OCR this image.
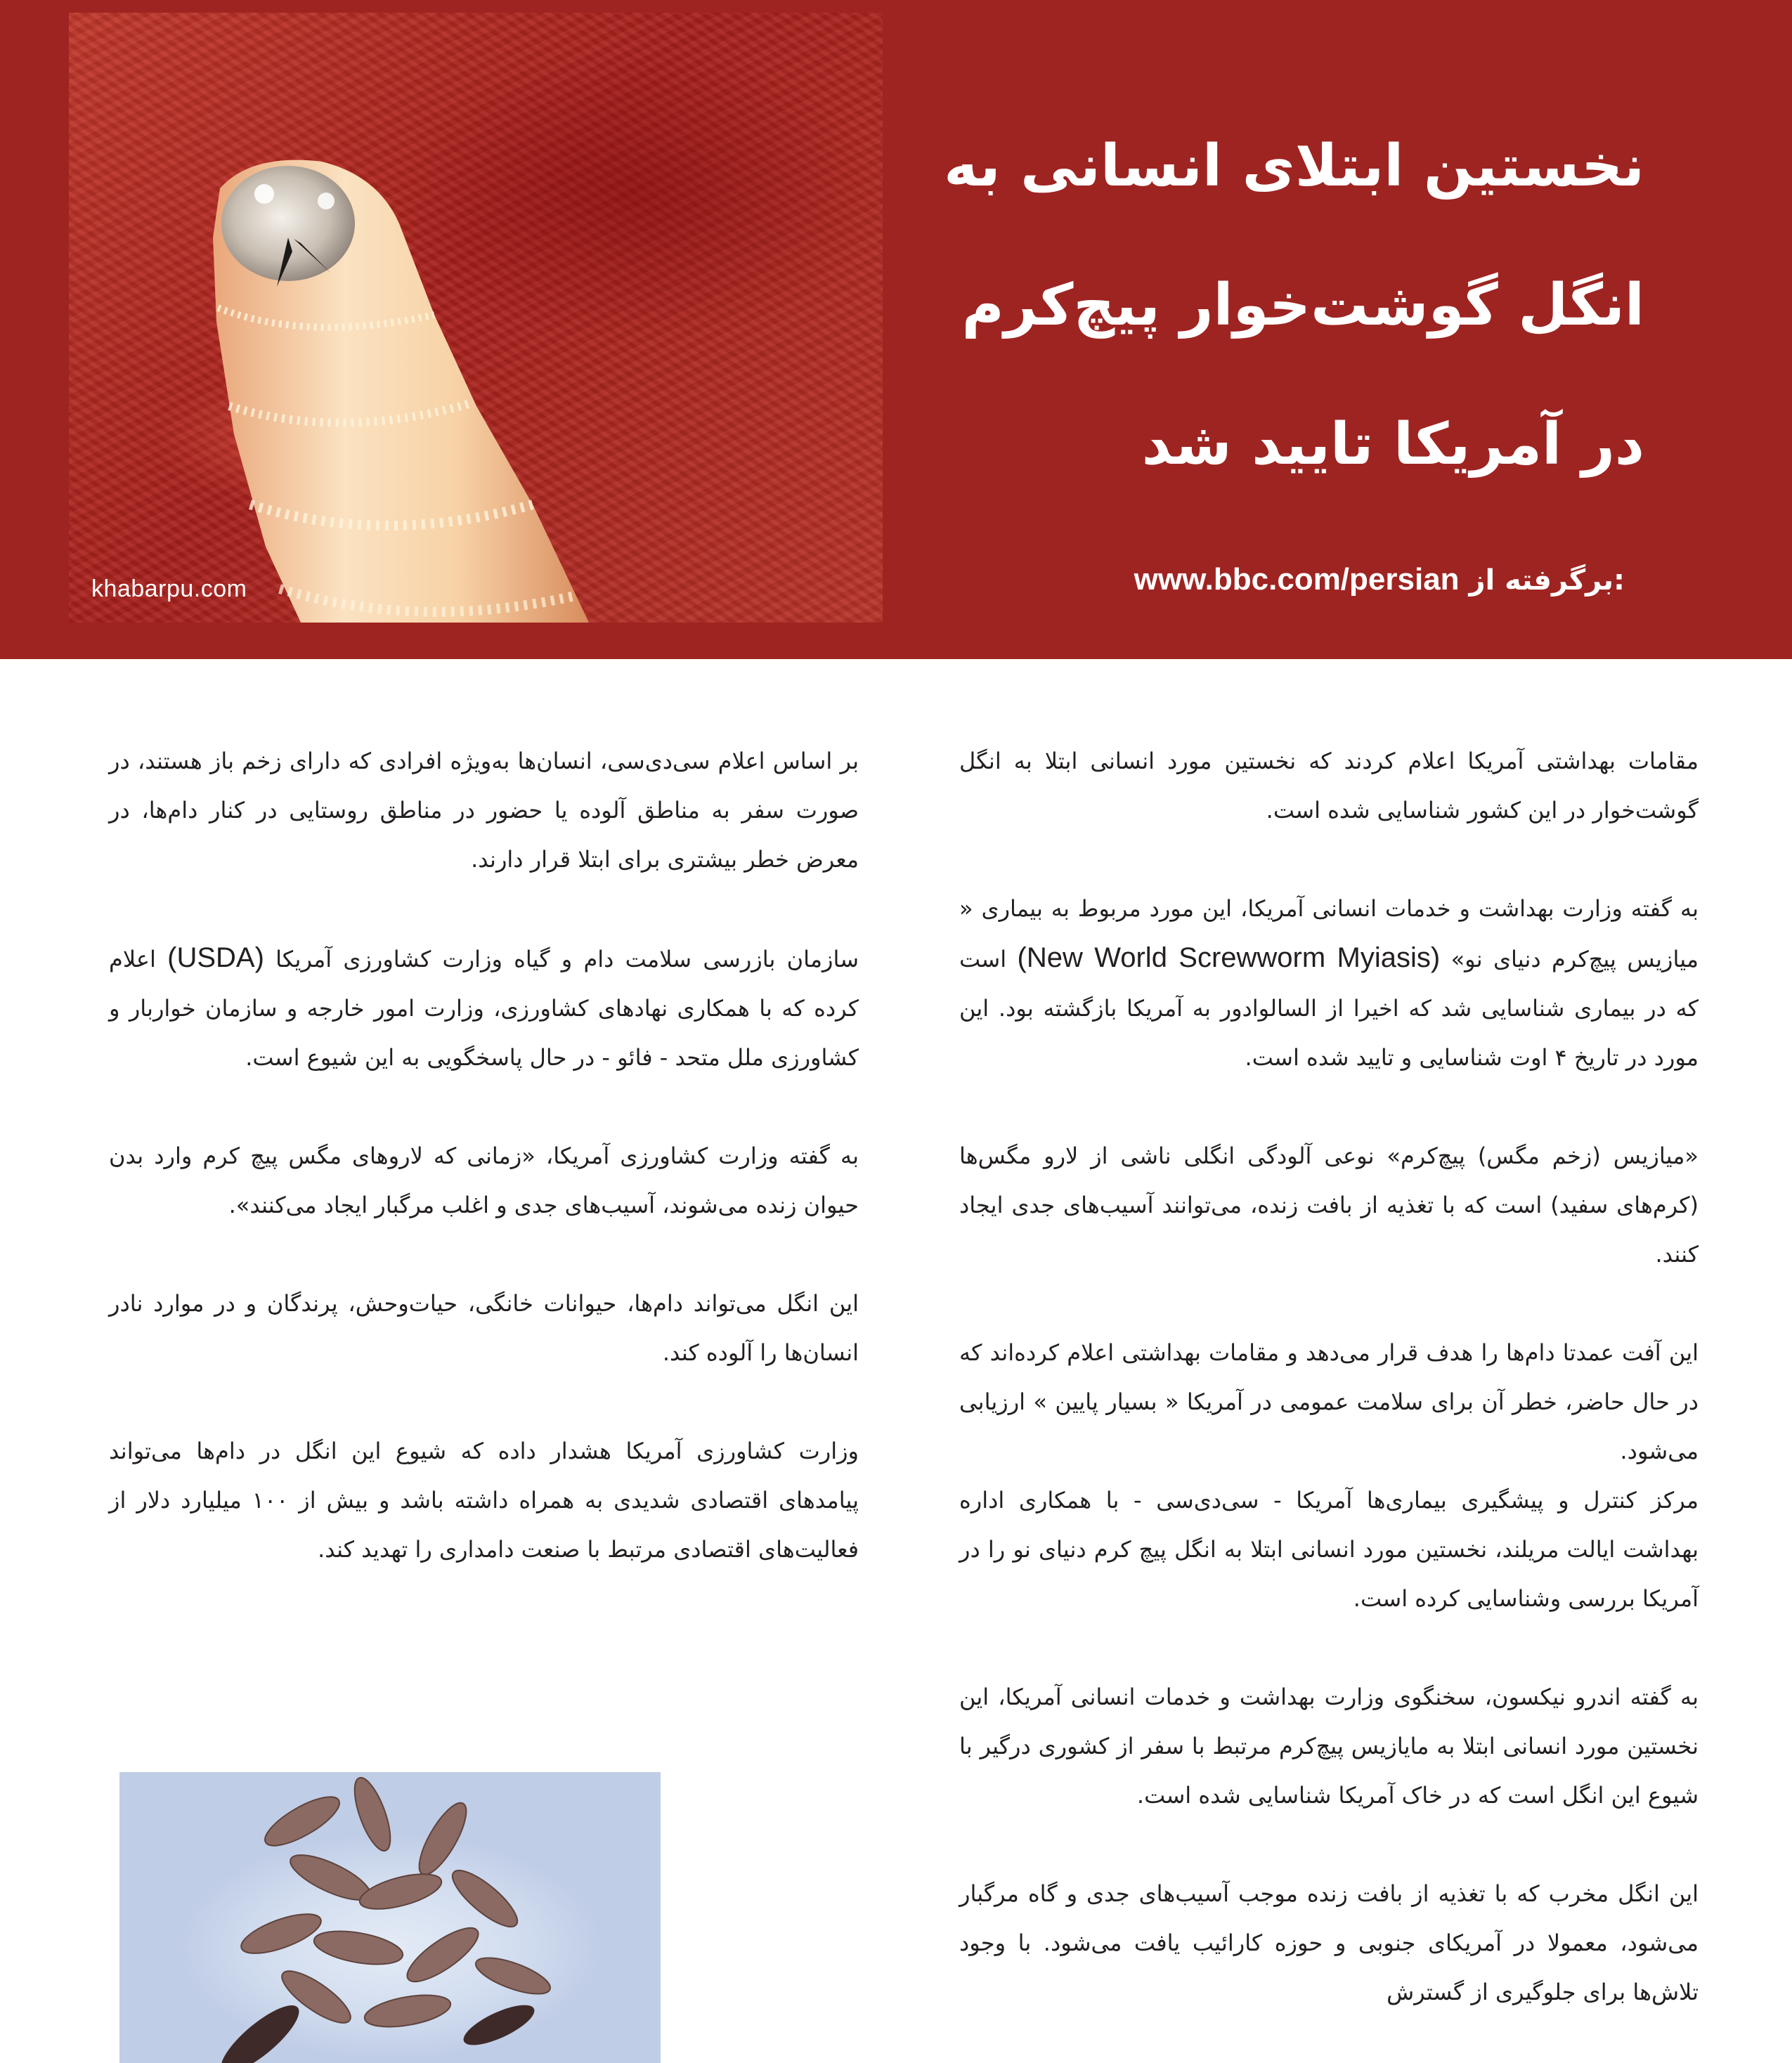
khabarpu.com
نخستین ابتلای انسانی به
انگل گوشت‌خوار پیچ‌کرم
در آمریکا تایید شد
www.bbc.com/persian برگرفته از:

مقامات بهداشتی آمریکا اعلام کردند که نخستین مورد انسانی ابتلا به انگل گوشت‌خوار در این کشور شناسایی شده است.

به گفته وزارت بهداشت و خدمات انسانی آمریکا، این مورد مربوط به بیماری « میازیس پیچ‌کرم دنیای نو» (New World Screwworm Myiasis) است که در بیماری شناسایی شد که اخیرا از السالوادور به آمریکا بازگشته بود. این مورد در تاریخ ۴ اوت شناسایی و تایید شده است.

«میازیس (زخم مگس) پیچ‌کرم» نوعی آلودگی انگلی ناشی از لارو مگس‌ها (کرم‌های سفید) است که با تغذیه از بافت زنده، می‌توانند آسیب‌های جدی ایجاد کنند.

این آفت عمدتا دام‌ها را هدف قرار می‌دهد و مقامات بهداشتی اعلام کرده‌اند که در حال حاضر، خطر آن برای سلامت عمومی در آمریکا « بسیار پایین » ارزیابی می‌شود.

مرکز کنترل و پیشگیری بیماری‌ها آمریکا - سی‌دی‌سی - با همکاری اداره بهداشت ایالت مریلند، نخستین مورد انسانی ابتلا به انگل پیچ کرم دنیای نو را در آمریکا بررسی وشناسایی کرده است.

به گفته اندرو نیکسون، سخنگوی وزارت بهداشت و خدمات انسانی آمریکا، این نخستین مورد انسانی ابتلا به مایازیس پیچ‌کرم مرتبط با سفر از کشوری درگیر با شیوع این انگل است که در خاک آمریکا شناسایی شده است.

این انگل مخرب که با تغذیه از بافت زنده موجب آسیب‌های جدی و گاه مرگبار می‌شود، معمولا در آمریکای جنوبی و حوزه کارائیب یافت می‌شود. با وجود تلاش‌ها برای جلوگیری از گسترش

بر اساس اعلام سی‌دی‌سی، انسان‌ها به‌ویژه افرادی که دارای زخم باز هستند، در صورت سفر به مناطق آلوده یا حضور در مناطق روستایی در کنار دام‌ها، در معرض خطر بیشتری برای ابتلا قرار دارند.

سازمان بازرسی سلامت دام و گیاه وزارت کشاورزی آمریکا (USDA) اعلام کرده که با همکاری نهادهای کشاورزی، وزارت امور خارجه و سازمان خواربار و کشاورزی ملل متحد - فائو - در حال پاسخگویی به این شیوع است.

به گفته وزارت کشاورزی آمریکا، «زمانی که لاروهای مگس پیچ کرم وارد بدن حیوان زنده می‌شوند، آسیب‌های جدی و اغلب مرگبار ایجاد می‌کنند».

این انگل می‌تواند دام‌ها، حیوانات خانگی، حیات‌وحش، پرندگان و در موارد نادر انسان‌ها را آلوده کند.

وزارت کشاورزی آمریکا هشدار داده که شیوع این انگل در دام‌ها می‌تواند پیامدهای اقتصادی شدیدی به همراه داشته باشد و بیش از ۱۰۰ میلیارد دلار از فعالیت‌های اقتصادی مرتبط با صنعت دامداری را تهدید کند.
